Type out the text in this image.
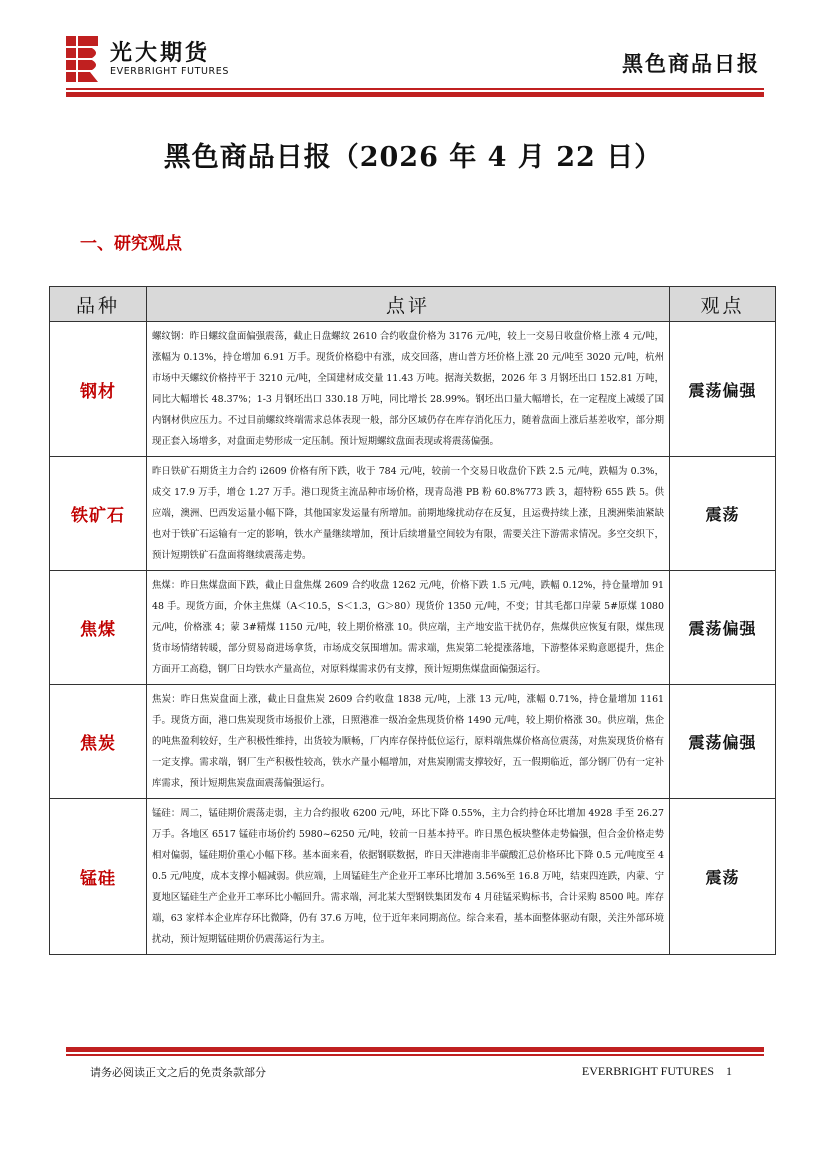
光大期货
EVERBRIGHT FUTURES	黑色商品日报
黑色商品日报（2026 年 4 月 22 日）
一、研究观点
品种	点评	观点
钢材	螺纹钢：昨日螺纹盘面偏强震荡，截止日盘螺纹 2610 合约收盘价格为 3176 元/吨，较上一交易日收盘价格上涨 4 元/吨，涨幅为 0.13%，持仓增加 6.91 万手。现货价格稳中有涨，成交回落，唐山普方坯价格上涨 20 元/吨至 3020 元/吨，杭州市场中天螺纹价格持平于 3210 元/吨，全国建材成交量 11.43 万吨。据海关数据，2026 年 3 月钢坯出口 152.81 万吨，同比大幅增长 48.37%；1-3 月钢坯出口 330.18 万吨，同比增长 28.99%。钢坯出口量大幅增长，在一定程度上减缓了国内钢材供应压力。不过目前螺纹终端需求总体表现一般，部分区域仍存在库存消化压力，随着盘面上涨后基差收窄，部分期现正套入场增多，对盘面走势形成一定压制。预计短期螺纹盘面表现或将震荡偏强。	震荡偏强
铁矿石	昨日铁矿石期货主力合约 i2609 价格有所下跌，收于 784 元/吨，较前一个交易日收盘价下跌 2.5 元/吨，跌幅为 0.3%，成交 17.9 万手，增仓 1.27 万手。港口现货主流品种市场价格，现青岛港 PB 粉 60.8%773 跌 3，超特粉 655 跌 5。供应端，澳洲、巴西发运量小幅下降，其他国家发运量有所增加。前期地缘扰动存在反复，且运费持续上涨，且澳洲柴油紧缺也对于铁矿石运输有一定的影响，铁水产量继续增加，预计后续增量空间较为有限，需要关注下游需求情况。多空交织下，预计短期铁矿石盘面将继续震荡走势。	震荡
焦煤	焦煤：昨日焦煤盘面下跌，截止日盘焦煤 2609 合约收盘 1262 元/吨，价格下跌 1.5 元/吨，跌幅 0.12%，持仓量增加 9148 手。现货方面，介休主焦煤（A＜10.5，S＜1.3，G＞80）现货价 1350 元/吨，不变；甘其毛都口岸蒙 5#原煤 1080 元/吨，价格涨 4；蒙 3#精煤 1150 元/吨，较上期价格涨 10。供应端，主产地安监干扰仍存，焦煤供应恢复有限，煤焦现货市场情绪转暖，部分贸易商进场拿货，市场成交氛围增加。需求端，焦炭第二轮提涨落地，下游整体采购意愿提升，焦企方面开工高稳，钢厂日均铁水产量高位，对原料煤需求仍有支撑，预计短期焦煤盘面偏强运行。	震荡偏强
焦炭	焦炭：昨日焦炭盘面上涨，截止日盘焦炭 2609 合约收盘 1838 元/吨，上涨 13 元/吨，涨幅 0.71%，持仓量增加 1161 手。现货方面，港口焦炭现货市场报价上涨，日照港准一级冶金焦现货价格 1490 元/吨，较上期价格涨 30。供应端，焦企的吨焦盈利较好，生产积极性维持，出货较为顺畅，厂内库存保持低位运行，原料端焦煤价格高位震荡，对焦炭现货价格有一定支撑。需求端，钢厂生产积极性较高，铁水产量小幅增加，对焦炭刚需支撑较好，五一假期临近，部分钢厂仍有一定补库需求，预计短期焦炭盘面震荡偏强运行。	震荡偏强
锰硅	锰硅：周二，锰硅期价震荡走弱，主力合约报收 6200 元/吨，环比下降 0.55%，主力合约持仓环比增加 4928 手至 26.27 万手。各地区 6517 锰硅市场价约 5980~6250 元/吨，较前一日基本持平。昨日黑色板块整体走势偏强，但合金价格走势相对偏弱，锰硅期价重心小幅下移。基本面来看，依据钢联数据，昨日天津港南非半碳酸汇总价格环比下降 0.5 元/吨度至 40.5 元/吨度，成本支撑小幅减弱。供应端，上周锰硅生产企业开工率环比增加 3.56%至 16.8 万吨，结束四连跌，内蒙、宁夏地区锰硅生产企业开工率环比小幅回升。需求端，河北某大型钢铁集团发布 4 月硅锰采购标书，合计采购 8500 吨。库存端，63 家样本企业库存环比微降，仍有 37.6 万吨，位于近年来同期高位。综合来看，基本面整体驱动有限，关注外部环境扰动，预计短期锰硅期价仍震荡运行为主。	震荡
请务必阅读正文之后的免责条款部分	EVERBRIGHT FUTURES 1
